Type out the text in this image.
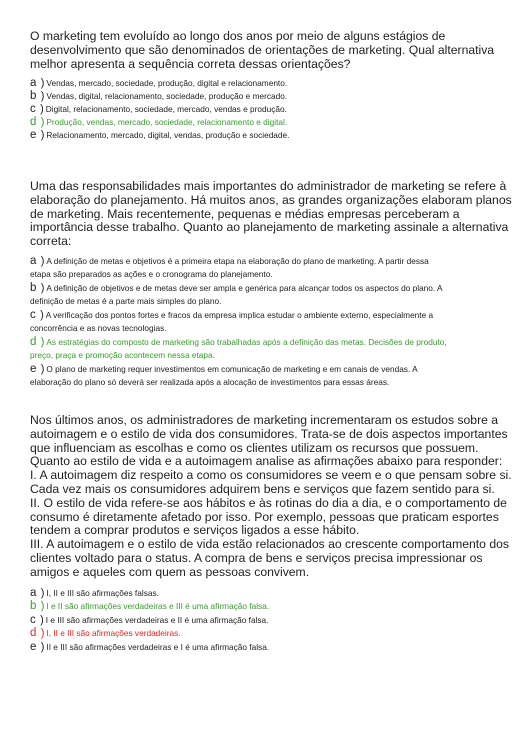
O marketing tem evoluído ao longo dos anos por meio de alguns estágios de
desenvolvimento que são denominados de orientações de marketing. Qual alternativa
melhor apresenta a sequência correta dessas orientações?

a ) Vendas, mercado, sociedade, produção, digital e relacionamento.
b ) Vendas, digital, relacionamento, sociedade, produção e mercado.
c ) Digital, relacionamento, sociedade, mercado, vendas e produção.
d ) Produção, vendas, mercado, sociedade, relacionamento e digital.
e ) Relacionamento, mercado, digital, vendas, produção e sociedade.

Uma das responsabilidades mais importantes do administrador de marketing se refere à
elaboração do planejamento. Há muitos anos, as grandes organizações elaboram planos
de marketing. Mais recentemente, pequenas e médias empresas perceberam a
importância desse trabalho. Quanto ao planejamento de marketing assinale a alternativa
correta:

a ) A definição de metas e objetivos é a primeira etapa na elaboração do plano de marketing. A partir dessa
etapa são preparados as ações e o cronograma do planejamento.
b ) A definição de objetivos e de metas deve ser ampla e genérica para alcançar todos os aspectos do plano. A
definição de metas é a parte mais simples do plano.
c ) A verificação dos pontos fortes e fracos da empresa implica estudar o ambiente externo, especialmente a
concorrência e as novas tecnologias.
d ) As estratégias do composto de marketing são trabalhadas após a definição das metas. Decisões de produto,
preço, praça e promoção acontecem nessa etapa.
e ) O plano de marketing requer investimentos em comunicação de marketing e em canais de vendas. A
elaboração do plano só deverá ser realizada após a alocação de investimentos para essas áreas.

Nos últimos anos, os administradores de marketing incrementaram os estudos sobre a
autoimagem e o estilo de vida dos consumidores. Trata-se de dois aspectos importantes
que influenciam as escolhas e como os clientes utilizam os recursos que possuem.
Quanto ao estilo de vida e a autoimagem analise as afirmações abaixo para responder:
I. A autoimagem diz respeito a como os consumidores se veem e o que pensam sobre si.
Cada vez mais os consumidores adquirem bens e serviços que fazem sentido para si.
II. O estilo de vida refere-se aos hábitos e às rotinas do dia a dia, e o comportamento de
consumo é diretamente afetado por isso. Por exemplo, pessoas que praticam esportes
tendem a comprar produtos e serviços ligados a esse hábito.
III. A autoimagem e o estilo de vida estão relacionados ao crescente comportamento dos
clientes voltado para o status. A compra de bens e serviços precisa impressionar os
amigos e aqueles com quem as pessoas convivem.

a ) I, II e III são afirmações falsas.
b ) I e II são afirmações verdadeiras e III é uma afirmação falsa.
c ) I e III são afirmações verdadeiras e II é uma afirmação falsa.
d ) I, II e III são afirmações verdadeiras.
e ) II e III são afirmações verdadeiras e I é uma afirmação falsa.
